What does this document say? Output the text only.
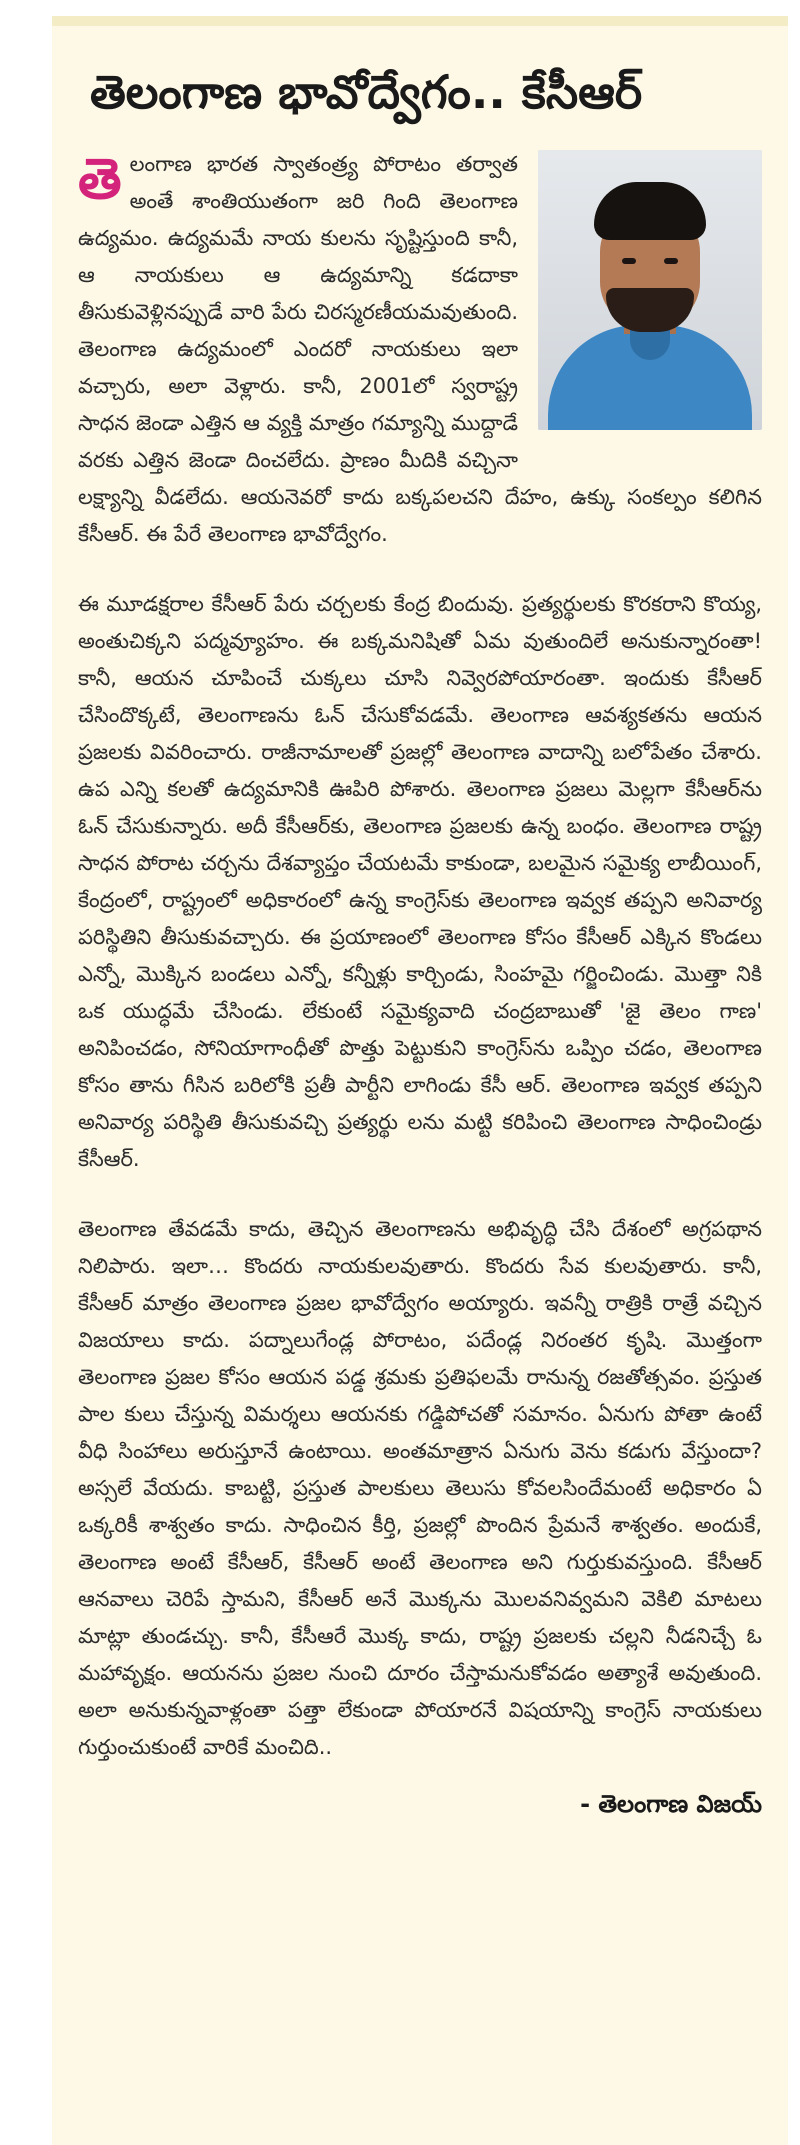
తెలంగాణ భావోద్వేగం.. కేసీఆర్

తెలంగాణ భారత స్వాతంత్ర్య పోరాటం తర్వాత అంతే శాంతియుతంగా జరి గింది తెలంగాణ ఉద్యమం. ఉద్యమమే నాయ కులను సృష్టిస్తుంది కానీ, ఆ నాయకులు ఆ ఉద్యమాన్ని కడదాకా తీసుకువెళ్లినప్పుడే వారి పేరు చిరస్మరణీయమవుతుంది. తెలంగాణ ఉద్యమంలో ఎందరో నాయకులు ఇలా వచ్చారు, అలా వెళ్లారు. కానీ, 2001లో స్వరాష్ట్ర సాధన జెండా ఎత్తిన ఆ వ్యక్తి మాత్రం గమ్యాన్ని ముద్దాడే వరకు ఎత్తిన జెండా దించలేదు. ప్రాణం మీదికి వచ్చినా లక్ష్యాన్ని వీడలేదు. ఆయనెవరో కాదు బక్కపలచని దేహం, ఉక్కు సంకల్పం కలిగిన కేసీఆర్. ఈ పేరే తెలంగాణ భావోద్వేగం.

ఈ మూడక్షరాల కేసీఆర్ పేరు చర్చలకు కేంద్ర బిందువు. ప్రత్యర్థులకు కొరకరాని కొయ్య, అంతుచిక్కని పద్మవ్యూహం. ఈ బక్కమనిషితో ఏమ వుతుందిలే అనుకున్నారంతా! కానీ, ఆయన చూపించే చుక్కలు చూసి నివ్వెరపోయారంతా. ఇందుకు కేసీఆర్ చేసిందొక్కటే, తెలంగాణను ఓన్ చేసుకోవడమే. తెలంగాణ ఆవశ్యకతను ఆయన ప్రజలకు వివరించారు. రాజీనామాలతో ప్రజల్లో తెలంగాణ వాదాన్ని బలోపేతం చేశారు. ఉప ఎన్ని కలతో ఉద్యమానికి ఊపిరి పోశారు. తెలంగాణ ప్రజలు మెల్లగా కేసీఆర్‌ను ఓన్ చేసుకున్నారు. అదీ కేసీఆర్‌కు, తెలంగాణ ప్రజలకు ఉన్న బంధం. తెలంగాణ రాష్ట్ర సాధన పోరాట చర్చను దేశవ్యాప్తం చేయటమే కాకుండా, బలమైన సమైక్య లాబీయింగ్, కేంద్రంలో, రాష్ట్రంలో అధికారంలో ఉన్న కాంగ్రెస్‌కు తెలంగాణ ఇవ్వక తప్పని అనివార్య పరిస్థితిని తీసుకువచ్చారు. ఈ ప్రయాణంలో తెలంగాణ కోసం కేసీఆర్ ఎక్కిన కొండలు ఎన్నో, మొక్కిన బండలు ఎన్నో, కన్నీళ్లు కార్చిండు, సింహమై గర్జించిండు. మొత్తా నికి ఒక యుద్ధమే చేసిండు. లేకుంటే సమైక్యవాది చంద్రబాబుతో 'జై తెలం గాణ' అనిపించడం, సోనియాగాంధీతో పొత్తు పెట్టుకుని కాంగ్రెస్‌ను ఒప్పిం చడం, తెలంగాణ కోసం తాను గీసిన బరిలోకి ప్రతీ పార్టీని లాగిండు కేసీ ఆర్. తెలంగాణ ఇవ్వక తప్పని అనివార్య పరిస్థితి తీసుకువచ్చి ప్రత్యర్థు లను మట్టి కరిపించి తెలంగాణ సాధించిండ్రు కేసీఆర్.

తెలంగాణ తేవడమే కాదు, తెచ్చిన తెలంగాణను అభివృద్ధి చేసి దేశంలో అగ్రపథాన నిలిపారు. ఇలా… కొందరు నాయకులవుతారు. కొందరు సేవ కులవుతారు. కానీ, కేసీఆర్ మాత్రం తెలంగాణ ప్రజల భావోద్వేగం అయ్యారు. ఇవన్నీ రాత్రికి రాత్రే వచ్చిన విజయాలు కాదు. పద్నాలుగేండ్ల పోరాటం, పదేండ్ల నిరంతర కృషి. మొత్తంగా తెలంగాణ ప్రజల కోసం ఆయన పడ్డ శ్రమకు ప్రతిఫలమే రానున్న రజతోత్సవం. ప్రస్తుత పాల కులు చేస్తున్న విమర్శలు ఆయనకు గడ్డిపోచతో సమానం. ఏనుగు పోతా ఉంటే వీధి సింహాలు అరుస్తూనే ఉంటాయి. అంతమాత్రాన ఏనుగు వెను కడుగు వేస్తుందా? అస్సలే వేయదు. కాబట్టి, ప్రస్తుత పాలకులు తెలుసు కోవలసిందేమంటే అధికారం ఏ ఒక్కరికీ శాశ్వతం కాదు. సాధించిన కీర్తి, ప్రజల్లో పొందిన ప్రేమనే శాశ్వతం. అందుకే, తెలంగాణ అంటే కేసీఆర్, కేసీఆర్ అంటే తెలంగాణ అని గుర్తుకువస్తుంది. కేసీఆర్ ఆనవాలు చెరిపే స్తామని, కేసీఆర్ అనే మొక్కను మొలవనివ్వమని వెకిలి మాటలు మాట్లా తుండచ్చు. కానీ, కేసీఆరే మొక్క కాదు, రాష్ట్ర ప్రజలకు చల్లని నీడనిచ్చే ఓ మహావృక్షం. ఆయనను ప్రజల నుంచి దూరం చేస్తామనుకోవడం అత్యాశే అవుతుంది. అలా అనుకున్నవాళ్లంతా పత్తా లేకుండా పోయారనే విషయాన్ని కాంగ్రెస్ నాయకులు గుర్తుంచుకుంటే వారికే మంచిది..

- తెలంగాణ విజయ్
